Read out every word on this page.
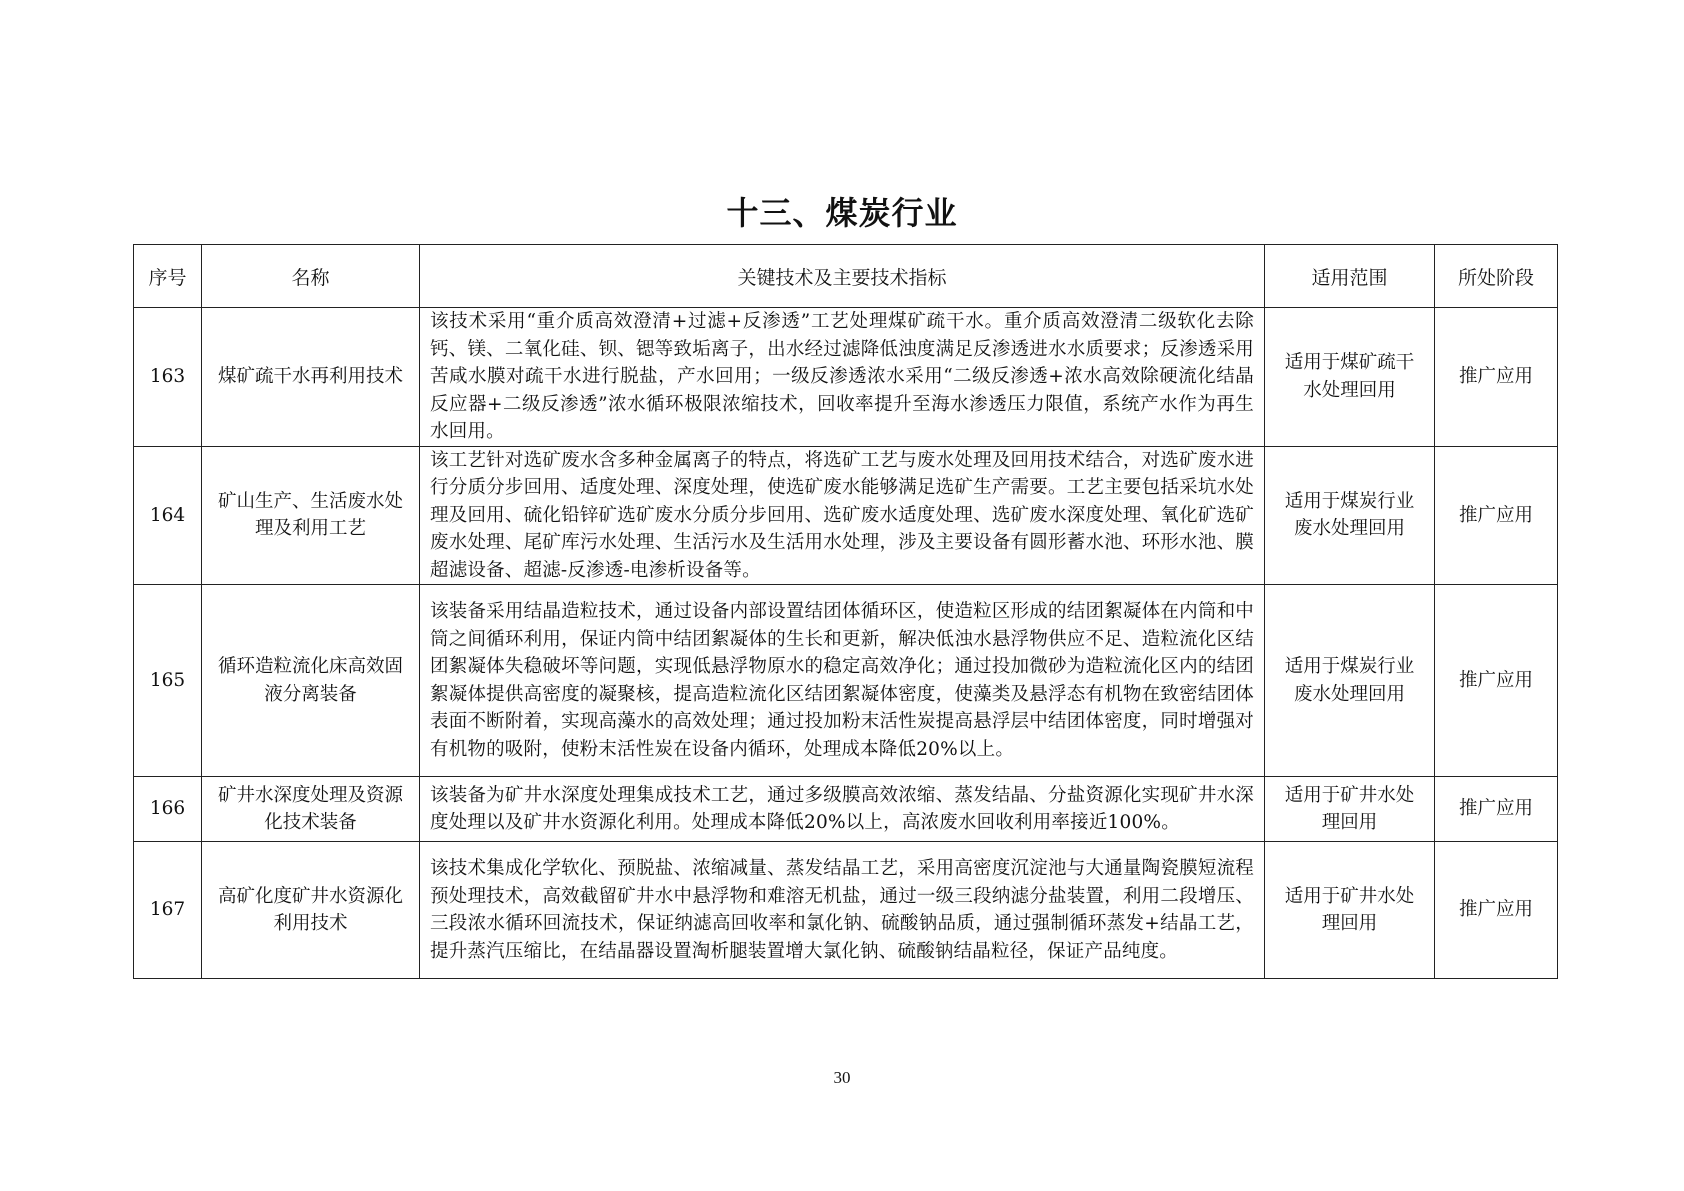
十三、煤炭行业
序号	名称	关键技术及主要技术指标	适用范围	所处阶段
163	煤矿疏干水再利用技术	该技术采用“重介质高效澄清+过滤+反渗透”工艺处理煤矿疏干水。重介质高效澄清二级软化去除钙、镁、二氧化硅、钡、锶等致垢离子，出水经过滤降低浊度满足反渗透进水水质要求；反渗透采用苦咸水膜对疏干水进行脱盐，产水回用；一级反渗透浓水采用“二级反渗透+浓水高效除硬流化结晶反应器+二级反渗透”浓水循环极限浓缩技术，回收率提升至海水渗透压力限值，系统产水作为再生水回用。	适用于煤矿疏干水处理回用	推广应用
164	矿山生产、生活废水处理及利用工艺	该工艺针对选矿废水含多种金属离子的特点，将选矿工艺与废水处理及回用技术结合，对选矿废水进行分质分步回用、适度处理、深度处理，使选矿废水能够满足选矿生产需要。工艺主要包括采坑水处理及回用、硫化铅锌矿选矿废水分质分步回用、选矿废水适度处理、选矿废水深度处理、氧化矿选矿废水处理、尾矿库污水处理、生活污水及生活用水处理，涉及主要设备有圆形蓄水池、环形水池、膜超滤设备、超滤-反渗透-电渗析设备等。	适用于煤炭行业废水处理回用	推广应用
165	循环造粒流化床高效固液分离装备	该装备采用结晶造粒技术，通过设备内部设置结团体循环区，使造粒区形成的结团絮凝体在内筒和中筒之间循环利用，保证内筒中结团絮凝体的生长和更新，解决低浊水悬浮物供应不足、造粒流化区结团絮凝体失稳破坏等问题，实现低悬浮物原水的稳定高效净化；通过投加微砂为造粒流化区内的结团絮凝体提供高密度的凝聚核，提高造粒流化区结团絮凝体密度，使藻类及悬浮态有机物在致密结团体表面不断附着，实现高藻水的高效处理；通过投加粉末活性炭提高悬浮层中结团体密度，同时增强对有机物的吸附，使粉末活性炭在设备内循环，处理成本降低20%以上。	适用于煤炭行业废水处理回用	推广应用
166	矿井水深度处理及资源化技术装备	该装备为矿井水深度处理集成技术工艺，通过多级膜高效浓缩、蒸发结晶、分盐资源化实现矿井水深度处理以及矿井水资源化利用。处理成本降低20%以上，高浓废水回收利用率接近100%。	适用于矿井水处理回用	推广应用
167	高矿化度矿井水资源化利用技术	该技术集成化学软化、预脱盐、浓缩减量、蒸发结晶工艺，采用高密度沉淀池与大通量陶瓷膜短流程预处理技术，高效截留矿井水中悬浮物和难溶无机盐，通过一级三段纳滤分盐装置，利用二段增压、三段浓水循环回流技术，保证纳滤高回收率和氯化钠、硫酸钠品质，通过强制循环蒸发+结晶工艺，提升蒸汽压缩比，在结晶器设置淘析腿装置增大氯化钠、硫酸钠结晶粒径，保证产品纯度。	适用于矿井水处理回用	推广应用
30
